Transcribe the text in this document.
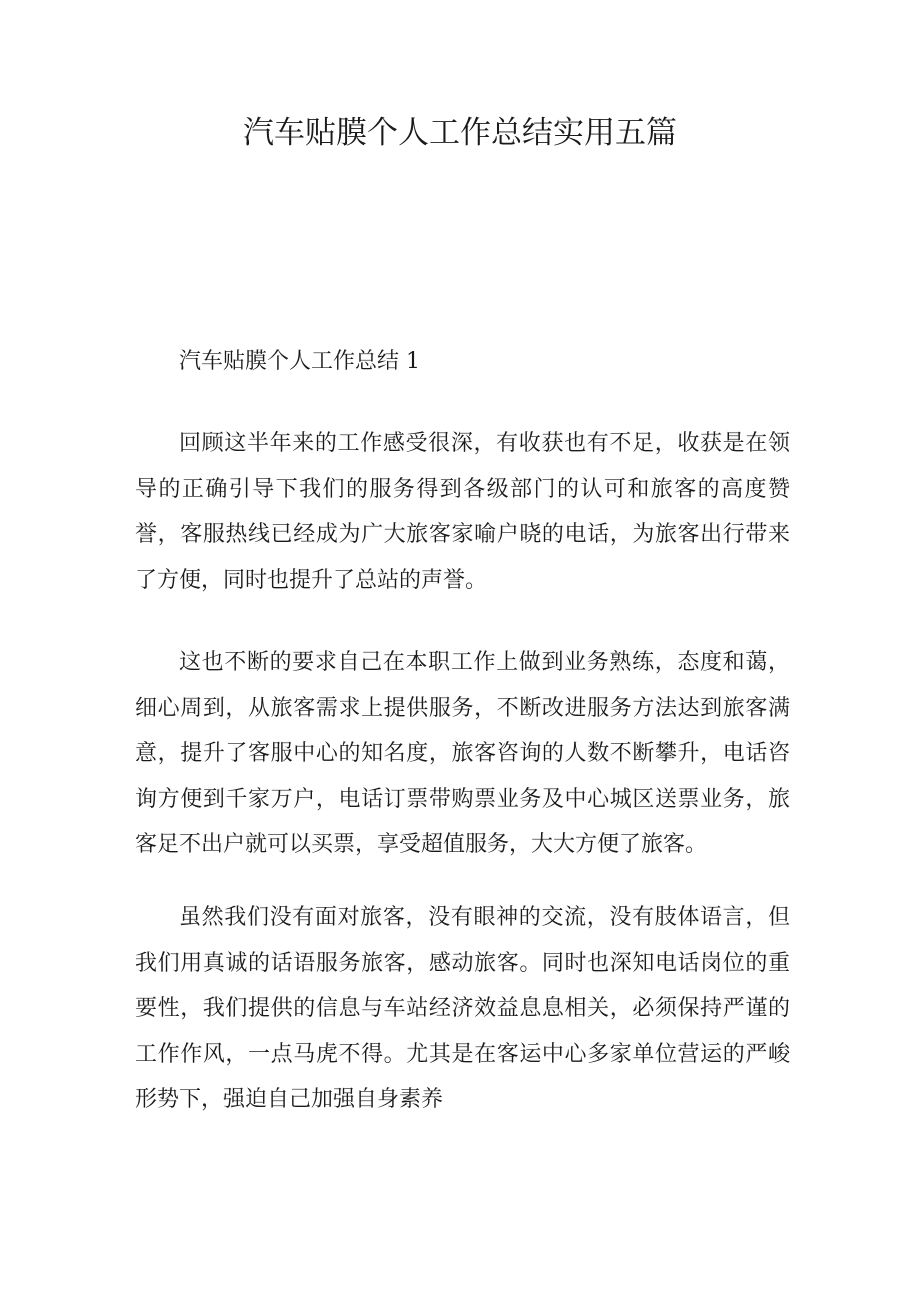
汽车贴膜个人工作总结实用五篇

汽车贴膜个人工作总结 1

回顾这半年来的工作感受很深，有收获也有不足，收获是在领导的正确引导下我们的服务得到各级部门的认可和旅客的高度赞誉，客服热线已经成为广大旅客家喻户晓的电话，为旅客出行带来了方便，同时也提升了总站的声誉。

这也不断的要求自己在本职工作上做到业务熟练，态度和蔼，细心周到，从旅客需求上提供服务，不断改进服务方法达到旅客满意，提升了客服中心的知名度，旅客咨询的人数不断攀升，电话咨询方便到千家万户，电话订票带购票业务及中心城区送票业务，旅客足不出户就可以买票，享受超值服务，大大方便了旅客。

虽然我们没有面对旅客，没有眼神的交流，没有肢体语言，但我们用真诚的话语服务旅客，感动旅客。同时也深知电话岗位的重要性，我们提供的信息与车站经济效益息息相关，必须保持严谨的工作作风，一点马虎不得。尤其是在客运中心多家单位营运的严峻形势下，强迫自己加强自身素养
